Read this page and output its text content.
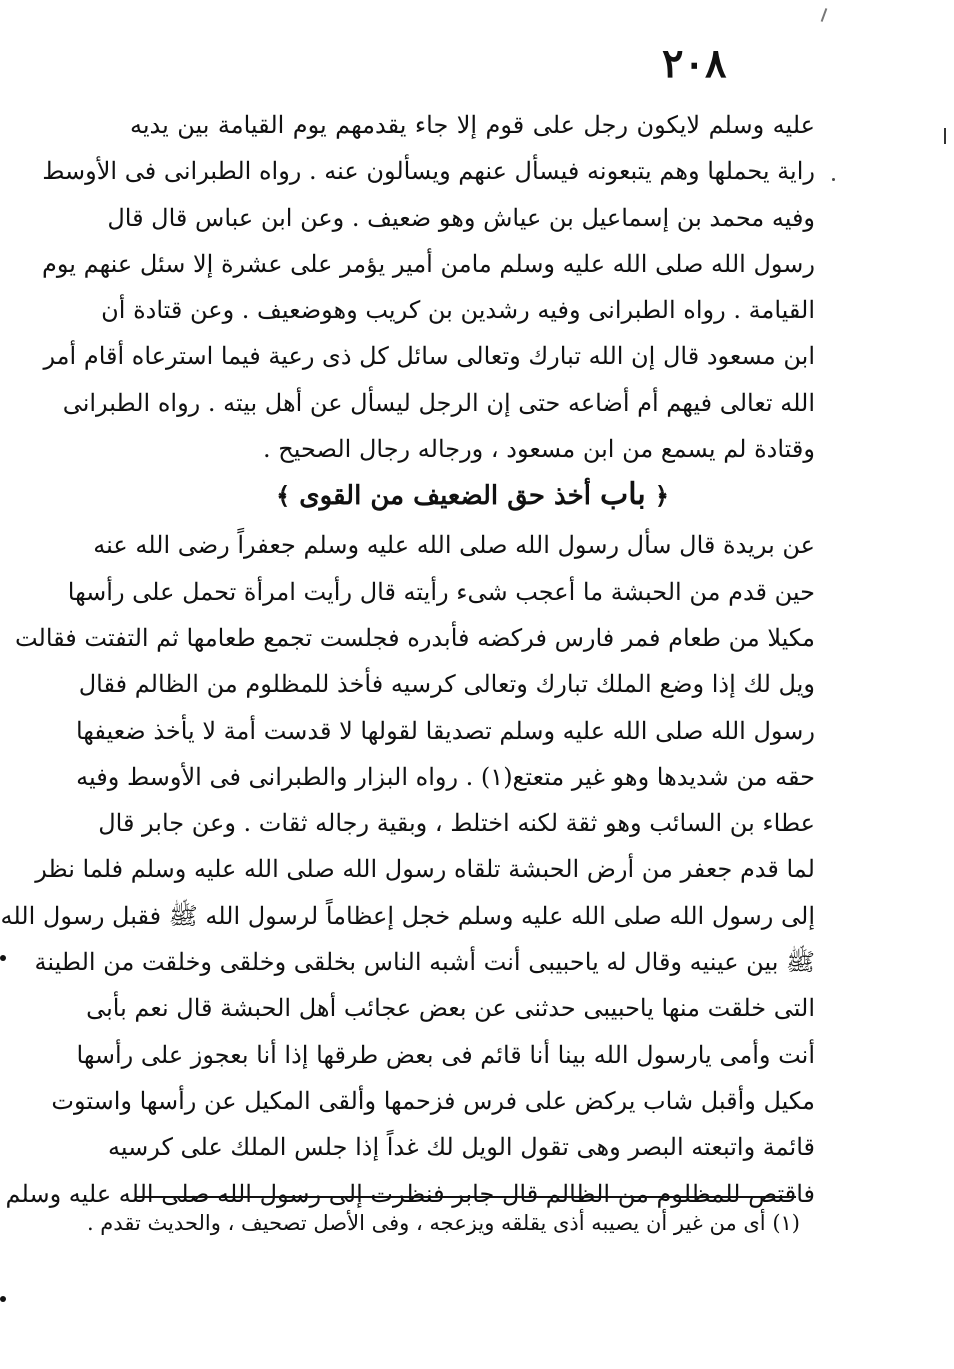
٢٠٨
عليه وسلم لايكون رجل على قوم إلا جاء يقدمهم يوم القيامة بين يديه
راية يحملها وهم يتبعونه فيسأل عنهم ويسألون عنه . رواه الطبرانى فى الأوسط
وفيه محمد بن إسماعيل بن عياش وهو ضعيف . وعن ابن عباس قال قال
رسول الله صلى الله عليه وسلم مامن أمير يؤمر على عشرة إلا سئل عنهم يوم
القيامة . رواه الطبرانى وفيه رشدين بن كريب وهوضعيف . وعن قتادة أن
ابن مسعود قال إن الله تبارك وتعالى سائل كل ذى رعية فيما استرعاه أقام أمر
الله تعالى فيهم أم أضاعه حتى إن الرجل ليسأل عن أهل بيته . رواه الطبرانى
وقتادة لم يسمع من ابن مسعود ، ورجاله رجال الصحيح .
﴿ باب أخذ حق الضعيف من القوى ﴾
عن بريدة قال سأل رسول الله صلى الله عليه وسلم جعفراً رضى الله عنه
حين قدم من الحبشة ما أعجب شىء رأيته قال رأيت امرأة تحمل على رأسها
مكيلا من طعام فمر فارس فركضه فأبدره فجلست تجمع طعامها ثم التفتت فقالت
ويل لك إذا وضع الملك تبارك وتعالى كرسيه فأخذ للمظلوم من الظالم فقال
رسول الله صلى الله عليه وسلم تصديقا لقولها لا قدست أمة لا يأخذ ضعيفها
حقه من شديدها وهو غير متعتع(١) . رواه البزار والطبرانى فى الأوسط وفيه
عطاء بن السائب وهو ثقة لكنه اختلط ، وبقية رجاله ثقات . وعن جابر قال
لما قدم جعفر من أرض الحبشة تلقاه رسول الله صلى الله عليه وسلم فلما نظر
إلى رسول الله صلى الله عليه وسلم خجل إعظاماً لرسول الله ﷺ فقبل رسول الله
ﷺ بين عينيه وقال له ياحبيبى أنت أشبه الناس بخلقى وخلقى وخلقت من الطينة
التى خلقت منها ياحبيبى حدثنى عن بعض عجائب أهل الحبشة قال نعم بأبى
أنت وأمى يارسول الله بينا أنا قائم فى بعض طرقها إذا أنا بعجوز على رأسها
مكيل وأقبل شاب يركض على فرس فزحمها وألقى المكيل عن رأسها واستوت
قائمة واتبعته البصر وهى تقول الويل لك غداً إذا جلس الملك على كرسيه
فاقتص للمظلوم من الظالم قال جابر فنظرت إلى رسول الله صلى الله عليه وسلم
(١) أى من غير أن يصيبه أذى يقلقه ويزعجه ، وفى الأصل تصحيف ، والحديث تقدم .
